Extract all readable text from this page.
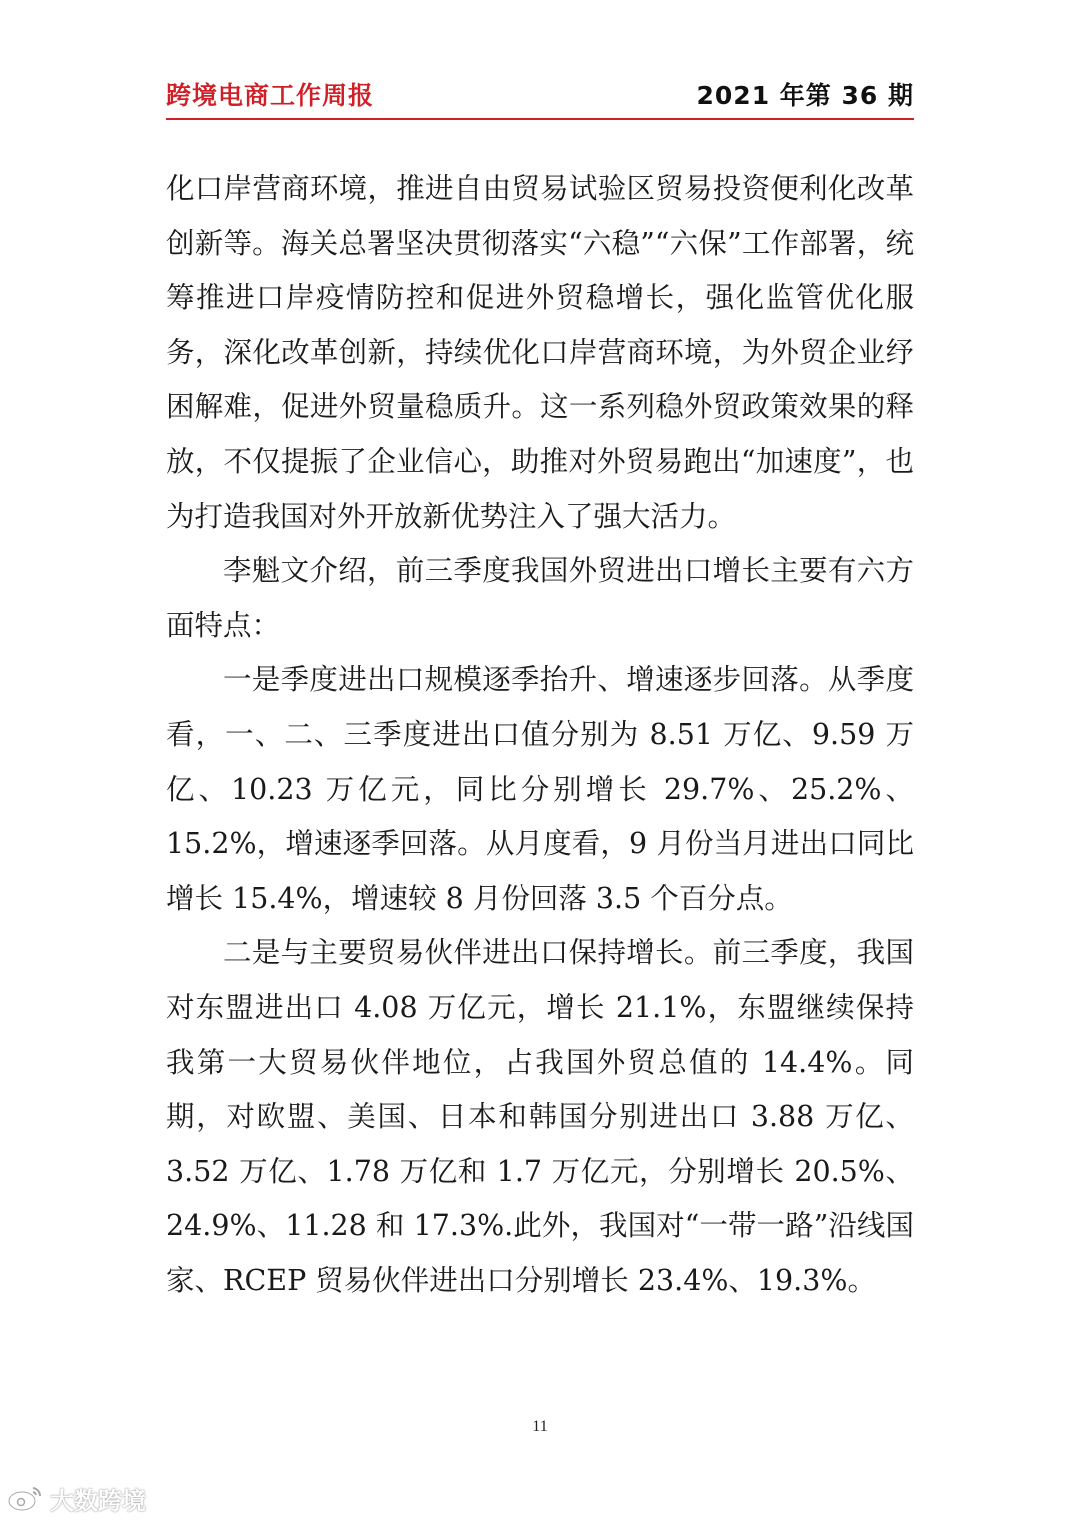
跨境电商工作周报	2021 年第 36 期

化口岸营商环境，推进自由贸易试验区贸易投资便利化改革创新等。海关总署坚决贯彻落实“六稳”“六保”工作部署，统筹推进口岸疫情防控和促进外贸稳增长，强化监管优化服务，深化改革创新，持续优化口岸营商环境，为外贸企业纾困解难，促进外贸量稳质升。这一系列稳外贸政策效果的释放，不仅提振了企业信心，助推对外贸易跑出“加速度”，也为打造我国对外开放新优势注入了强大活力。

李魁文介绍，前三季度我国外贸进出口增长主要有六方面特点：

一是季度进出口规模逐季抬升、增速逐步回落。从季度看，一、二、三季度进出口值分别为 8.51 万亿、9.59 万亿、10.23 万亿元，同比分别增长 29.7%、25.2%、15.2%，增速逐季回落。从月度看，9 月份当月进出口同比增长 15.4%，增速较 8 月份回落 3.5 个百分点。

二是与主要贸易伙伴进出口保持增长。前三季度，我国对东盟进出口 4.08 万亿元，增长 21.1%，东盟继续保持我第一大贸易伙伴地位，占我国外贸总值的 14.4%。同期，对欧盟、美国、日本和韩国分别进出口 3.88 万亿、3.52 万亿、1.78 万亿和 1.7 万亿元，分别增长 20.5%、24.9%、11.28 和 17.3%.此外，我国对“一带一路”沿线国家、RCEP 贸易伙伴进出口分别增长 23.4%、19.3%。

11
大数跨境
